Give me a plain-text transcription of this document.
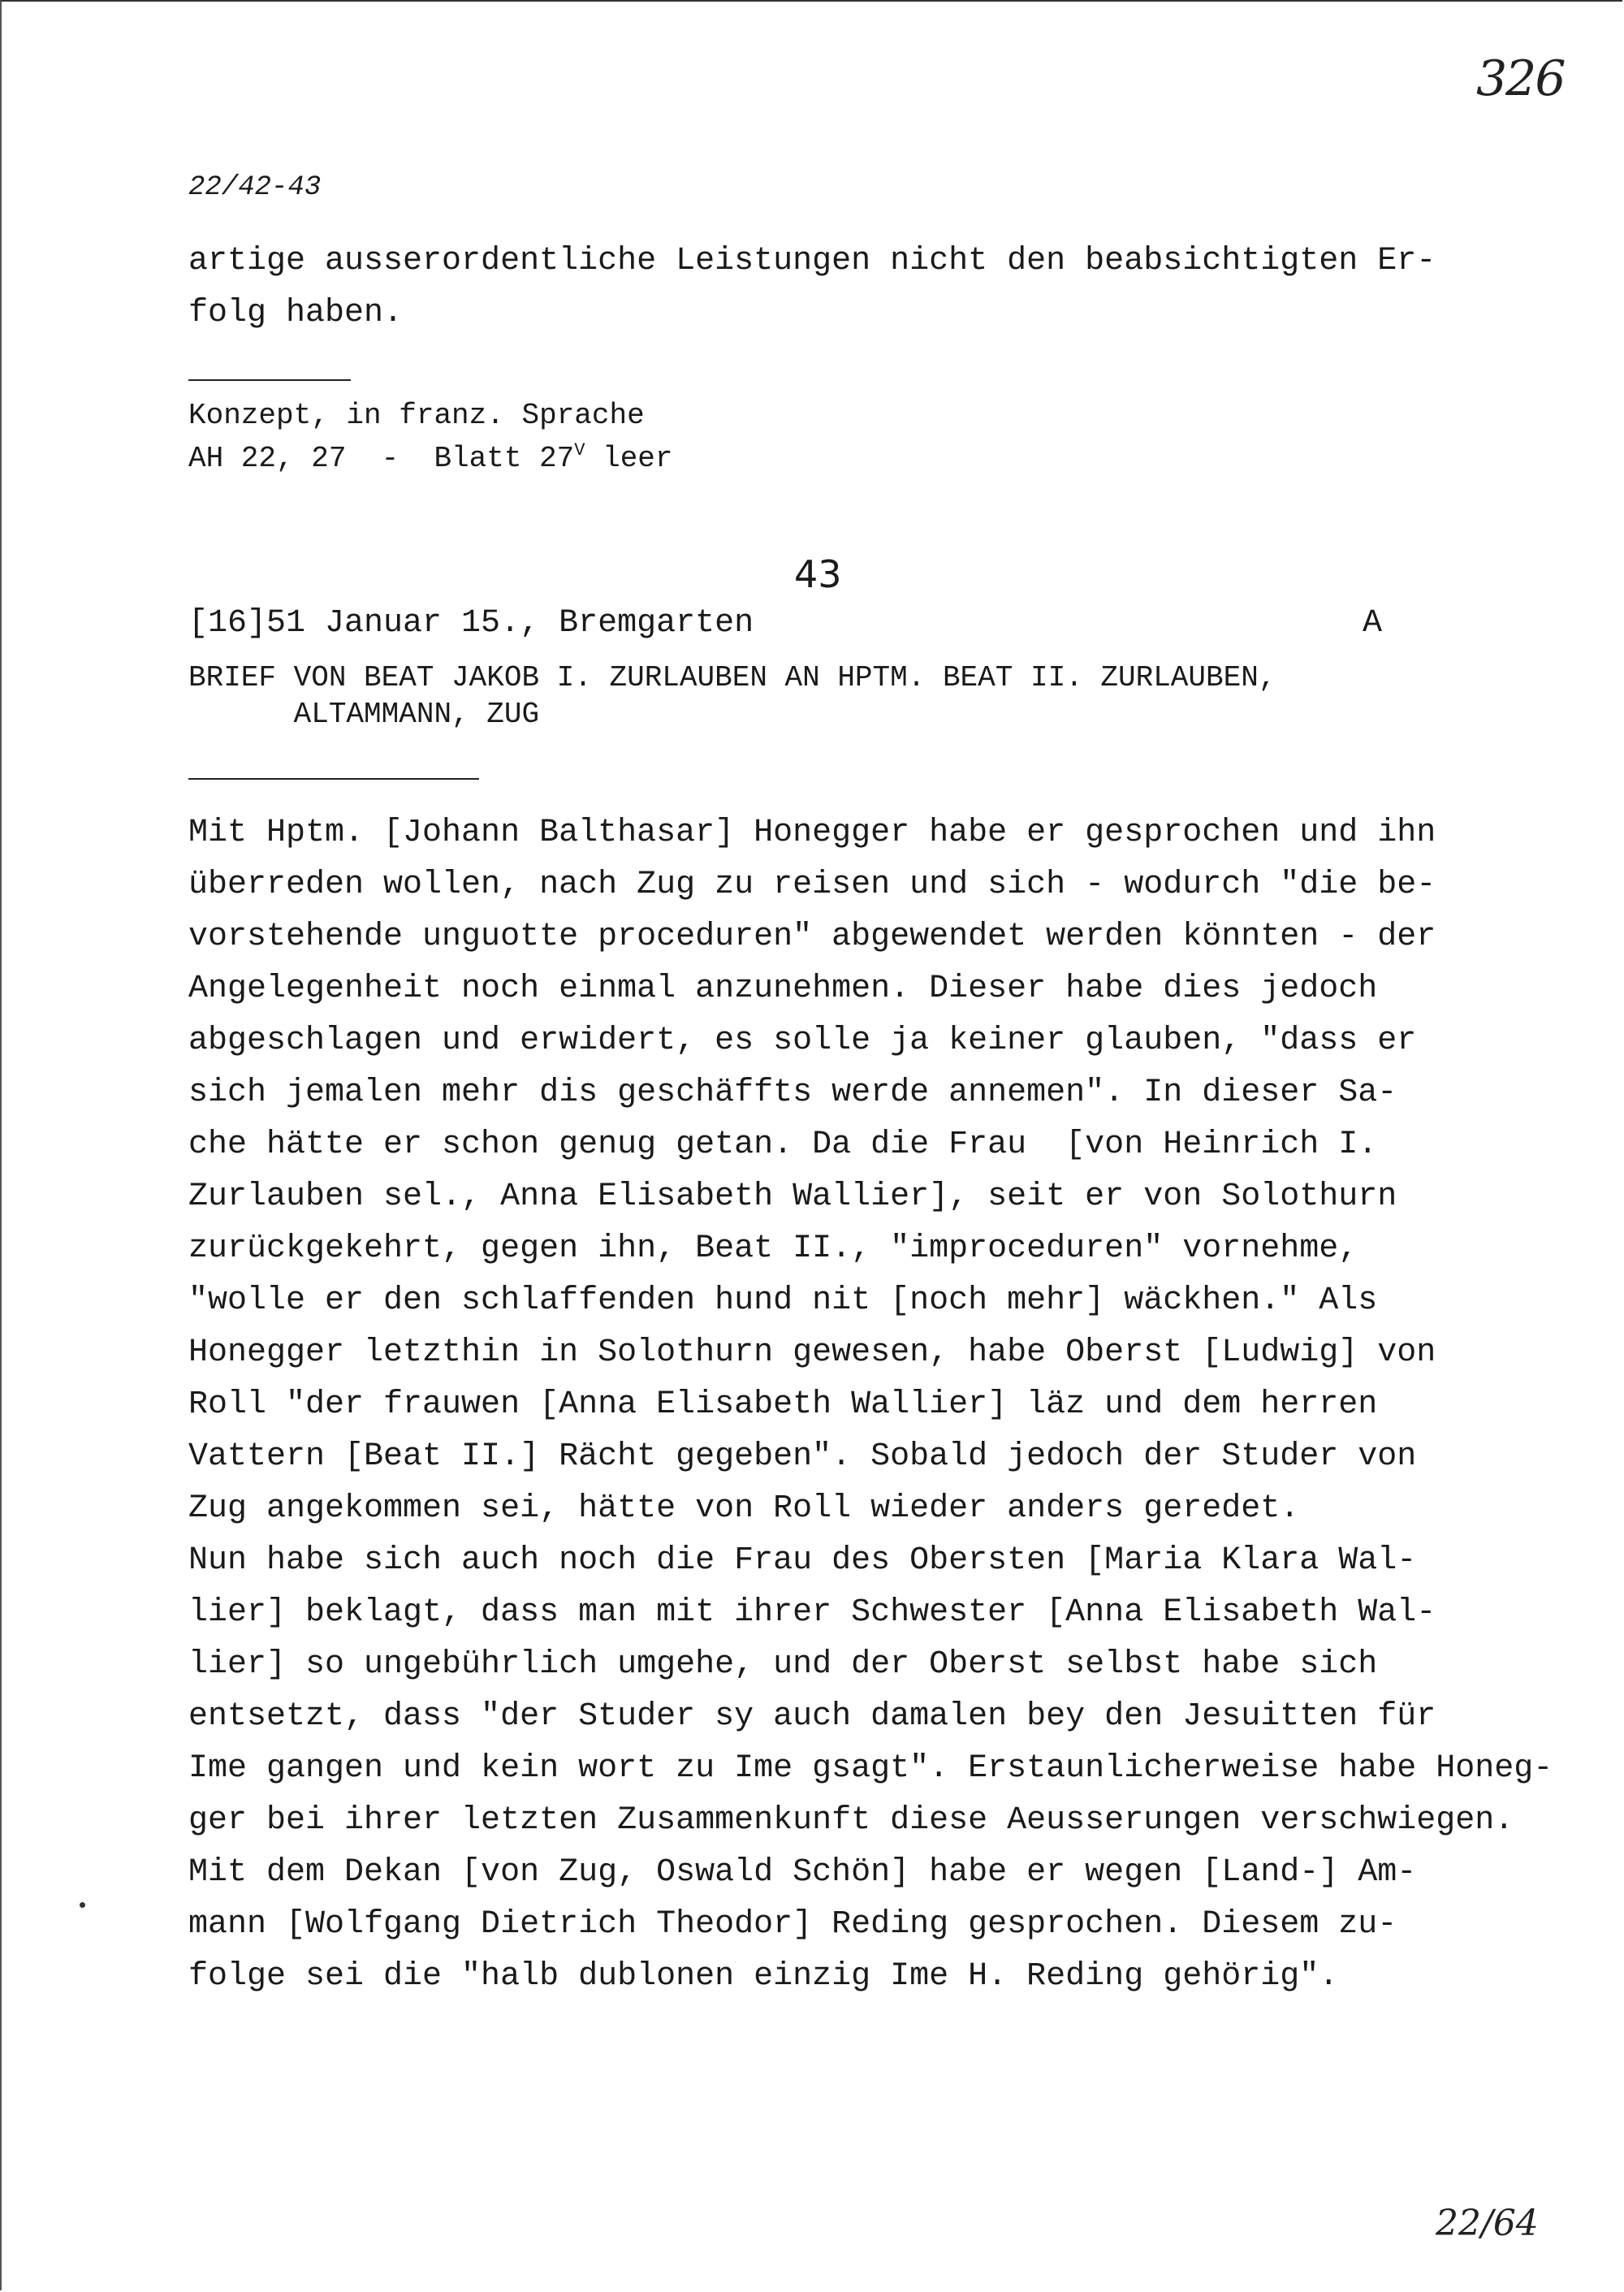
326
22/42-43
artige ausserordentliche Leistungen nicht den beabsichtigten Er-
folg haben.
Konzept, in franz. Sprache
AH 22, 27  -  Blatt $27^V$ leer
43
[16]51 Januar 15., Bremgarten	A
BRIEF VON BEAT JAKOB I. ZURLAUBEN AN HPTM. BEAT II. ZURLAUBEN,
ALTAMMANN, ZUG
Mit Hptm. [Johann Balthasar] Honegger habe er gesprochen und ihn
überreden wollen, nach Zug zu reisen und sich - wodurch "die be-
vorstehende unguotte proceduren" abgewendet werden könnten - der
Angelegenheit noch einmal anzunehmen. Dieser habe dies jedoch
abgeschlagen und erwidert, es solle ja keiner glauben, "dass er
sich jemalen mehr dis geschäffts werde annemen". In dieser Sa-
che hätte er schon genug getan. Da die Frau  [von Heinrich I.
Zurlauben sel., Anna Elisabeth Wallier], seit er von Solothurn
zurückgekehrt, gegen ihn, Beat II., "improceduren" vornehme,
"wolle er den schlaffenden hund nit [noch mehr] wäckhen." Als
Honegger letzthin in Solothurn gewesen, habe Oberst [Ludwig] von
Roll "der frauwen [Anna Elisabeth Wallier] läz und dem herren
Vattern [Beat II.] Rächt gegeben". Sobald jedoch der Studer von
Zug angekommen sei, hätte von Roll wieder anders geredet.
Nun habe sich auch noch die Frau des Obersten [Maria Klara Wal-
lier] beklagt, dass man mit ihrer Schwester [Anna Elisabeth Wal-
lier] so ungebührlich umgehe, und der Oberst selbst habe sich
entsetzt, dass "der Studer sy auch damalen bey den Jesuitten für
Ime gangen und kein wort zu Ime gsagt". Erstaunlicherweise habe Honeg-
ger bei ihrer letzten Zusammenkunft diese Aeusserungen verschwiegen.
Mit dem Dekan [von Zug, Oswald Schön] habe er wegen [Land-] Am-
mann [Wolfgang Dietrich Theodor] Reding gesprochen. Diesem zu-
folge sei die "halb dublonen einzig Ime H. Reding gehörig".
22/64
